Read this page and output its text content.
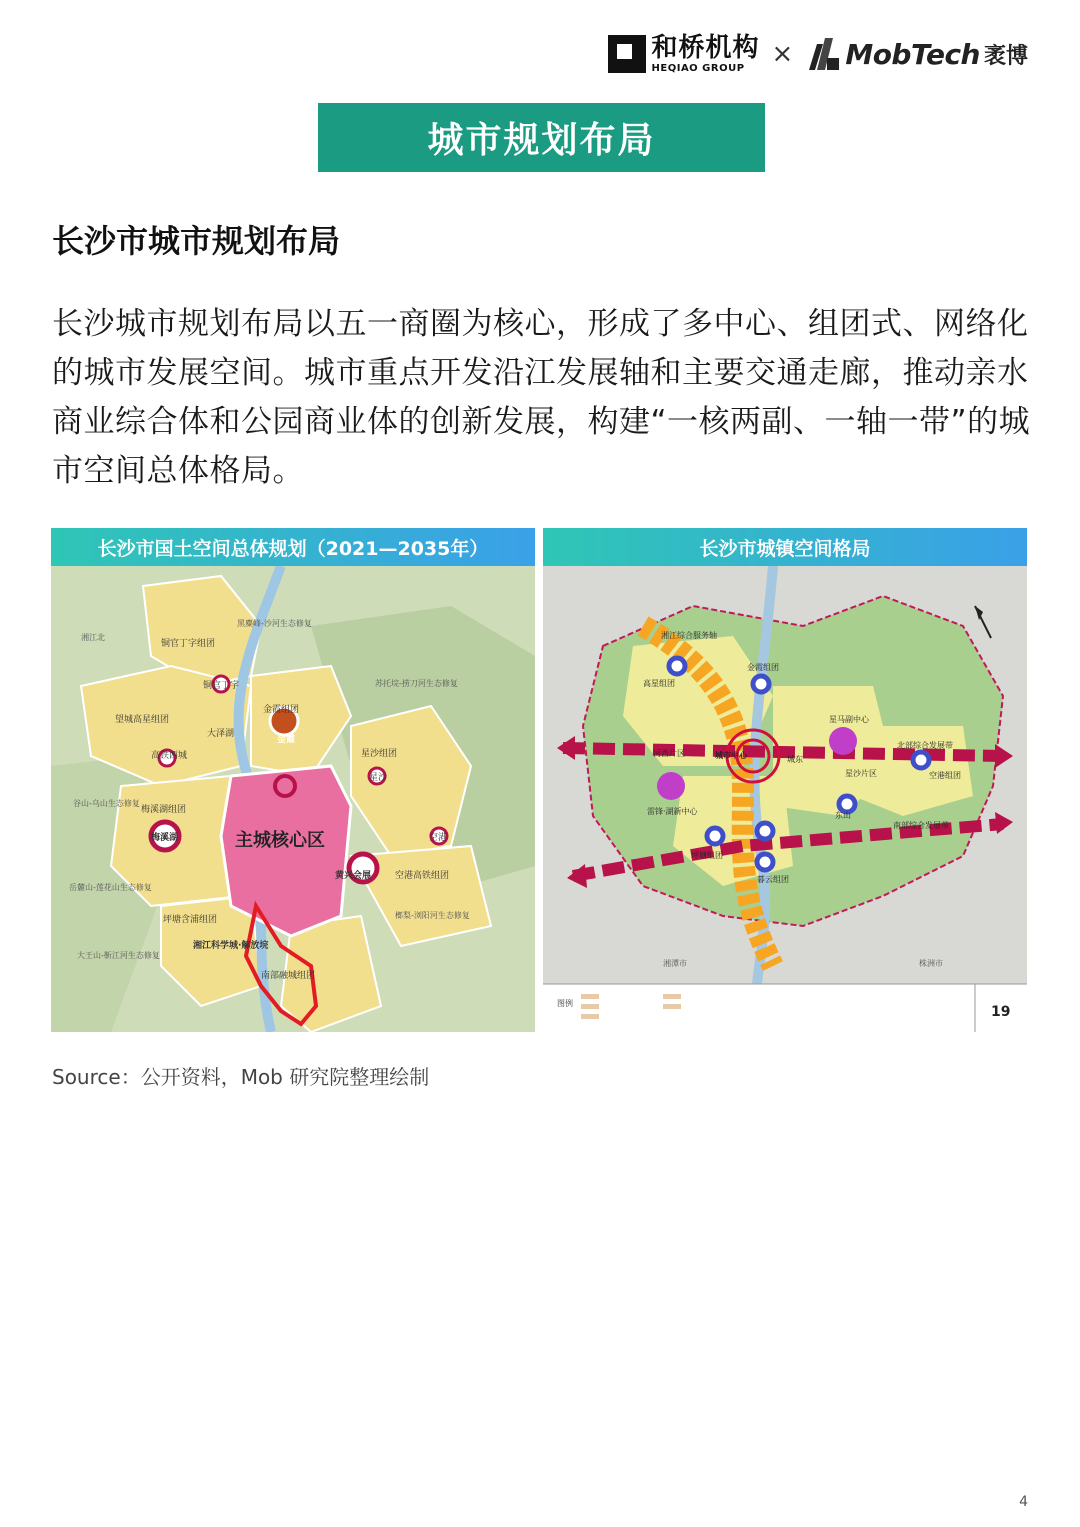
和桥机构
HEQIAO GROUP	× MobTech 袤博
城市规划布局
长沙市城市规划布局

长沙城市规划布局以五一商圈为核心，形成了多中心、组团式、网络化的城市发展空间。城市重点开发沿江发展轴和主要交通走廊，推动亲水商业综合体和公园商业体的创新发展，构建“一核两副、一轴一带”的城市空间总体格局。

长沙市国土空间总体规划（2021—2035年）
铜官丁字组团
铜官丁字
望城高星组团
大泽湖
高铁西城
金霞组团
金霞
星沙组团
星沙
梅溪湖组团
梅溪湖	空港
黄兴会展	空港高铁组团
坪塘含浦组团
湘江科学城·解放垸
南部融城组团
黑麋峰-沙河生态修复
苏托垸-捞刀河生态修复
岳麓山-莲花山生态修复
大王山-靳江河生态修复
谷山-乌山生态修复
榔梨-浏阳河生态修复
湘江北
主城核心区
长沙市城镇空间格局
图例
19
湘江综合服务轴
北部综合发展带
南部综合发展带
城市中心
星马副中心
雷锋·湖新中心
金霞组团
高星组团
河西片区
城东
星沙片区	空港组团
东山
坪塘组团
暮云组团
湘潭市	株洲市
Source：公开资料，Mob 研究院整理绘制
4
